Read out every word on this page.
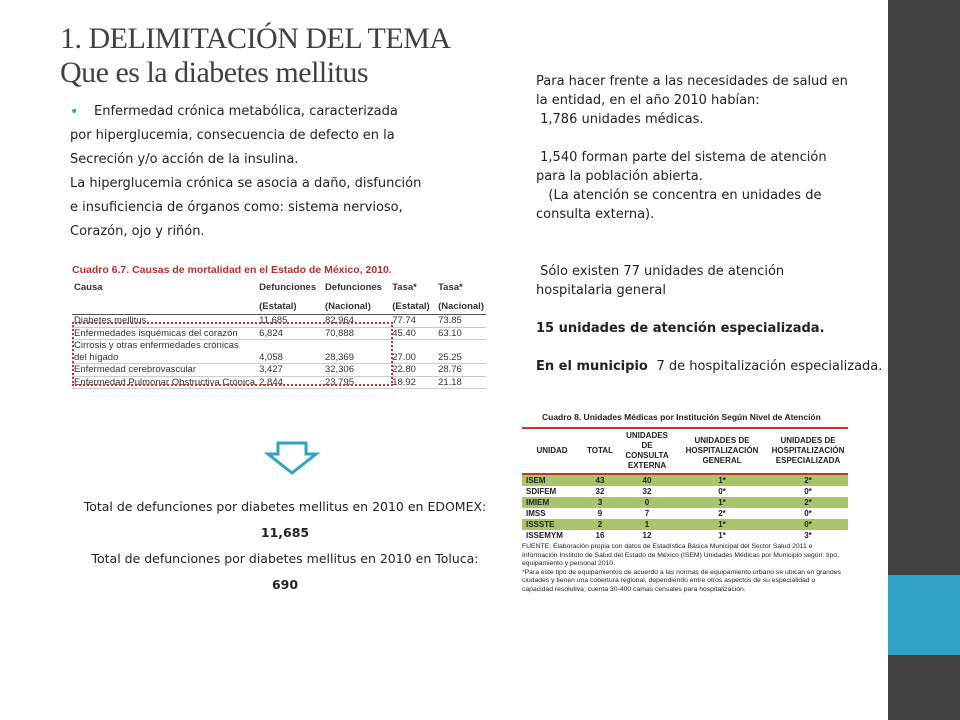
1. DELIMITACIÓN DEL TEMA
Que es la diabetes mellitus

• Enfermedad crónica metabólica, caracterizada

por hiperglucemia, consecuencia de defecto en la

Secreción y/o acción de la insulina.

La hiperglucemia crónica se asocia a daño, disfunción

e insuficiencia de órganos como: sistema nervioso,

Corazón, ojo y riñón.

Para hacer frente a las necesidades de salud en la entidad, en el año 2010 habían:

1,786 unidades médicas.

1,540 forman parte del sistema de atención para la población abierta.

(La atención se concentra en unidades de consulta externa).

Sólo existen 77 unidades de atención hospitalaria general

15 unidades de atención especializada.

En el municipio  7 de hospitalización especializada.

Cuadro 6.7. Causas de mortalidad en el Estado de México, 2010.
Causa	Defunciones	Defunciones	Tasa*	Tasa*
	(Estatal)	(Nacional)	(Estatal)	(Nacional)
Diabetes mellitus	11,685	82,964	77.74	73.85
Enfermedades isquémicas del corazón	6,824	70,888	45.40	63.10
Cirrosis y otras enfermedades crónicas				
del hígado	4,058	28,369	27.00	25.25
Enfermedad cerebrovascular	3,427	32,306	22.80	28.76
Enfermedad Pulmonar Obstructiva Crónica	2,844	23,795	18.92	21.18

Total de defunciones por diabetes mellitus en 2010 en EDOMEX:

11,685

Total de defunciones por diabetes mellitus en 2010 en Toluca:

690

Cuadro 8. Unidades Médicas por Institución Según Nivel de Atención
UNIDAD	TOTAL	UNIDADES DE CONSULTA EXTERNA	UNIDADES DE HOSPITALIZACIÓN GENERAL	UNIDADES DE HOSPITALIZACIÓN ESPECIALIZADA
ISEM	43	40	1*	2*
SDIFEM	32	32	0*	0*
IMIEM	3	0	1*	2*
IMSS	9	7	2*	0*
ISSSTE	2	1	1*	0*
ISSEMYM	16	12	1*	3*

FUENTE: Elaboración propia con datos de Estadística Básica Municipal del Sector Salud 2011 e Información Instituto de Salud del Estado de México (ISEM) Unidades Médicas por Municipio según: tipo, equipamiento y personal 2010.

*Para este tipo de equipamientos de acuerdo a las normas de equipamiento urbano se ubican en grandes ciudades y tienen una cobertura regional, dependiendo entre otros aspectos de su especialidad o capacidad resolutiva; cuenta 30-400 camas censales para hospitalización.
